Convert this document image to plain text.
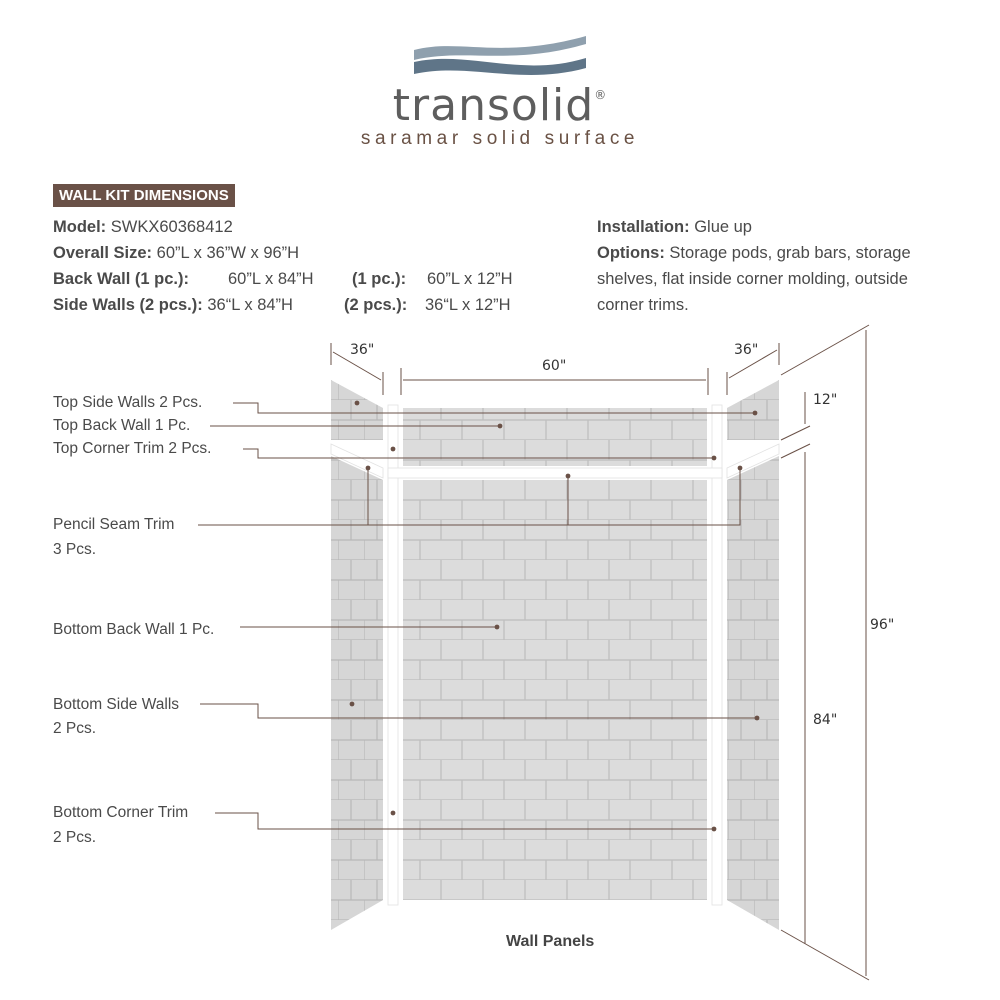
transolid®
saramar solid surface
WALL KIT DIMENSIONS
Model: SWKX60368412
Overall Size: 60”L x 36”W x 96”H
Back Wall (1 pc.): 60”L x 84”H (1 pc.): 60”L x 12”H
Side Walls (2 pcs.): 36“L x 84”H	(2 pcs.): 36“L x 12”H
Installation: Glue up
Options: Storage pods, grab bars, storage
shelves, flat inside corner molding, outside
corner trims.
36"
60"
36"
12"
84"
96"
Top Side Walls 2 Pcs.
Top Back Wall 1 Pc.
Top Corner Trim 2 Pcs.
Pencil Seam Trim
3 Pcs.
Bottom Back Wall 1 Pc.
Bottom Side Walls
2 Pcs.
Bottom Corner Trim
2 Pcs.
Wall Panels
